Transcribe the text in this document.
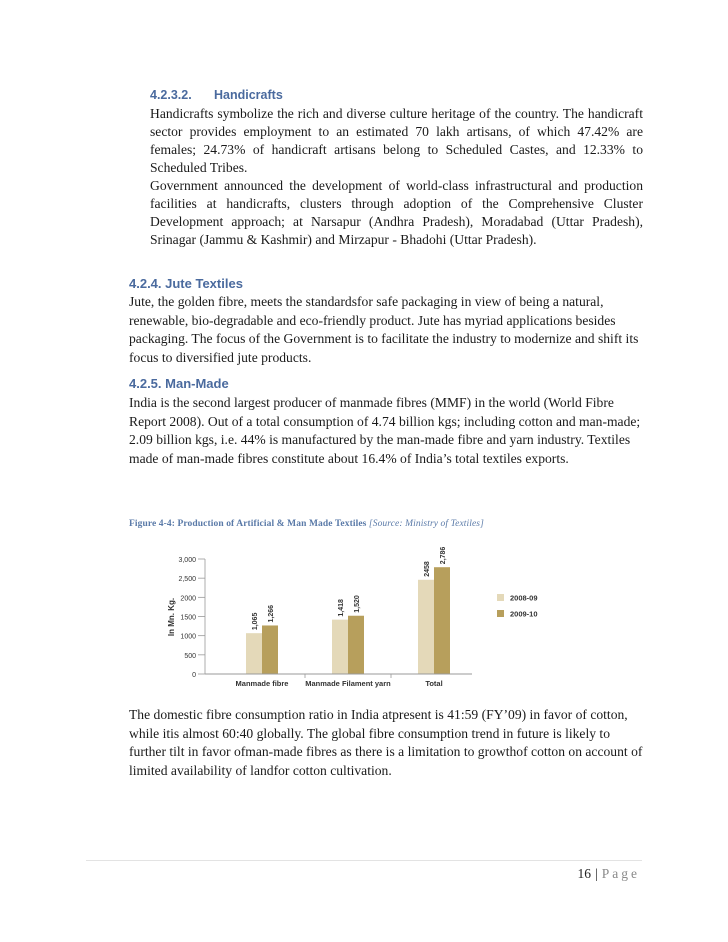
4.2.3.2. Handicrafts

Handicrafts symbolize the rich and diverse culture heritage of the country. The handicraft sector provides employment to an estimated 70 lakh artisans, of which 47.42% are females; 24.73% of handicraft artisans belong to Scheduled Castes, and 12.33% to Scheduled Tribes.

Government announced the development of world-class infrastructural and production facilities at handicrafts, clusters through adoption of the Comprehensive Cluster Development approach; at Narsapur (Andhra Pradesh), Moradabad (Uttar Pradesh), Srinagar (Jammu & Kashmir) and Mirzapur - Bhadohi (Uttar Pradesh).

4.2.4. Jute Textiles

Jute, the golden fibre, meets the standardsfor safe packaging in view of being a natural, renewable, bio-degradable and eco-friendly product. Jute has myriad applications besides packaging. The focus of the Government is to facilitate the industry to modernize and shift its focus to diversified jute products.

4.2.5. Man-Made

India is the second largest producer of manmade fibres (MMF) in the world (World Fibre Report 2008). Out of a total consumption of 4.74 billion kgs; including cotton and man-made; 2.09 billion kgs, i.e. 44% is manufactured by the man-made fibre and yarn industry. Textiles made of man-made fibres constitute about 16.4% of India’s total textiles exports.

Figure 4-4: Production of Artificial & Man Made Textiles [Source: Ministry of Textiles]
In Mn. Kg.
0
500
1000
1500
2000
2,500
3,000
1,065 1,266	1,418 1,520
2458
2,786
Manmade fibre Manmade Filament yarn	Total
2008-09
2009-10

The domestic fibre consumption ratio in India atpresent is 41:59 (FY’09) in favor of cotton, while itis almost 60:40 globally. The global fibre consumption trend in future is likely to further tilt in favor ofman-made fibres as there is a limitation to growthof cotton on account of limited availability of landfor cotton cultivation.

16 | Page
